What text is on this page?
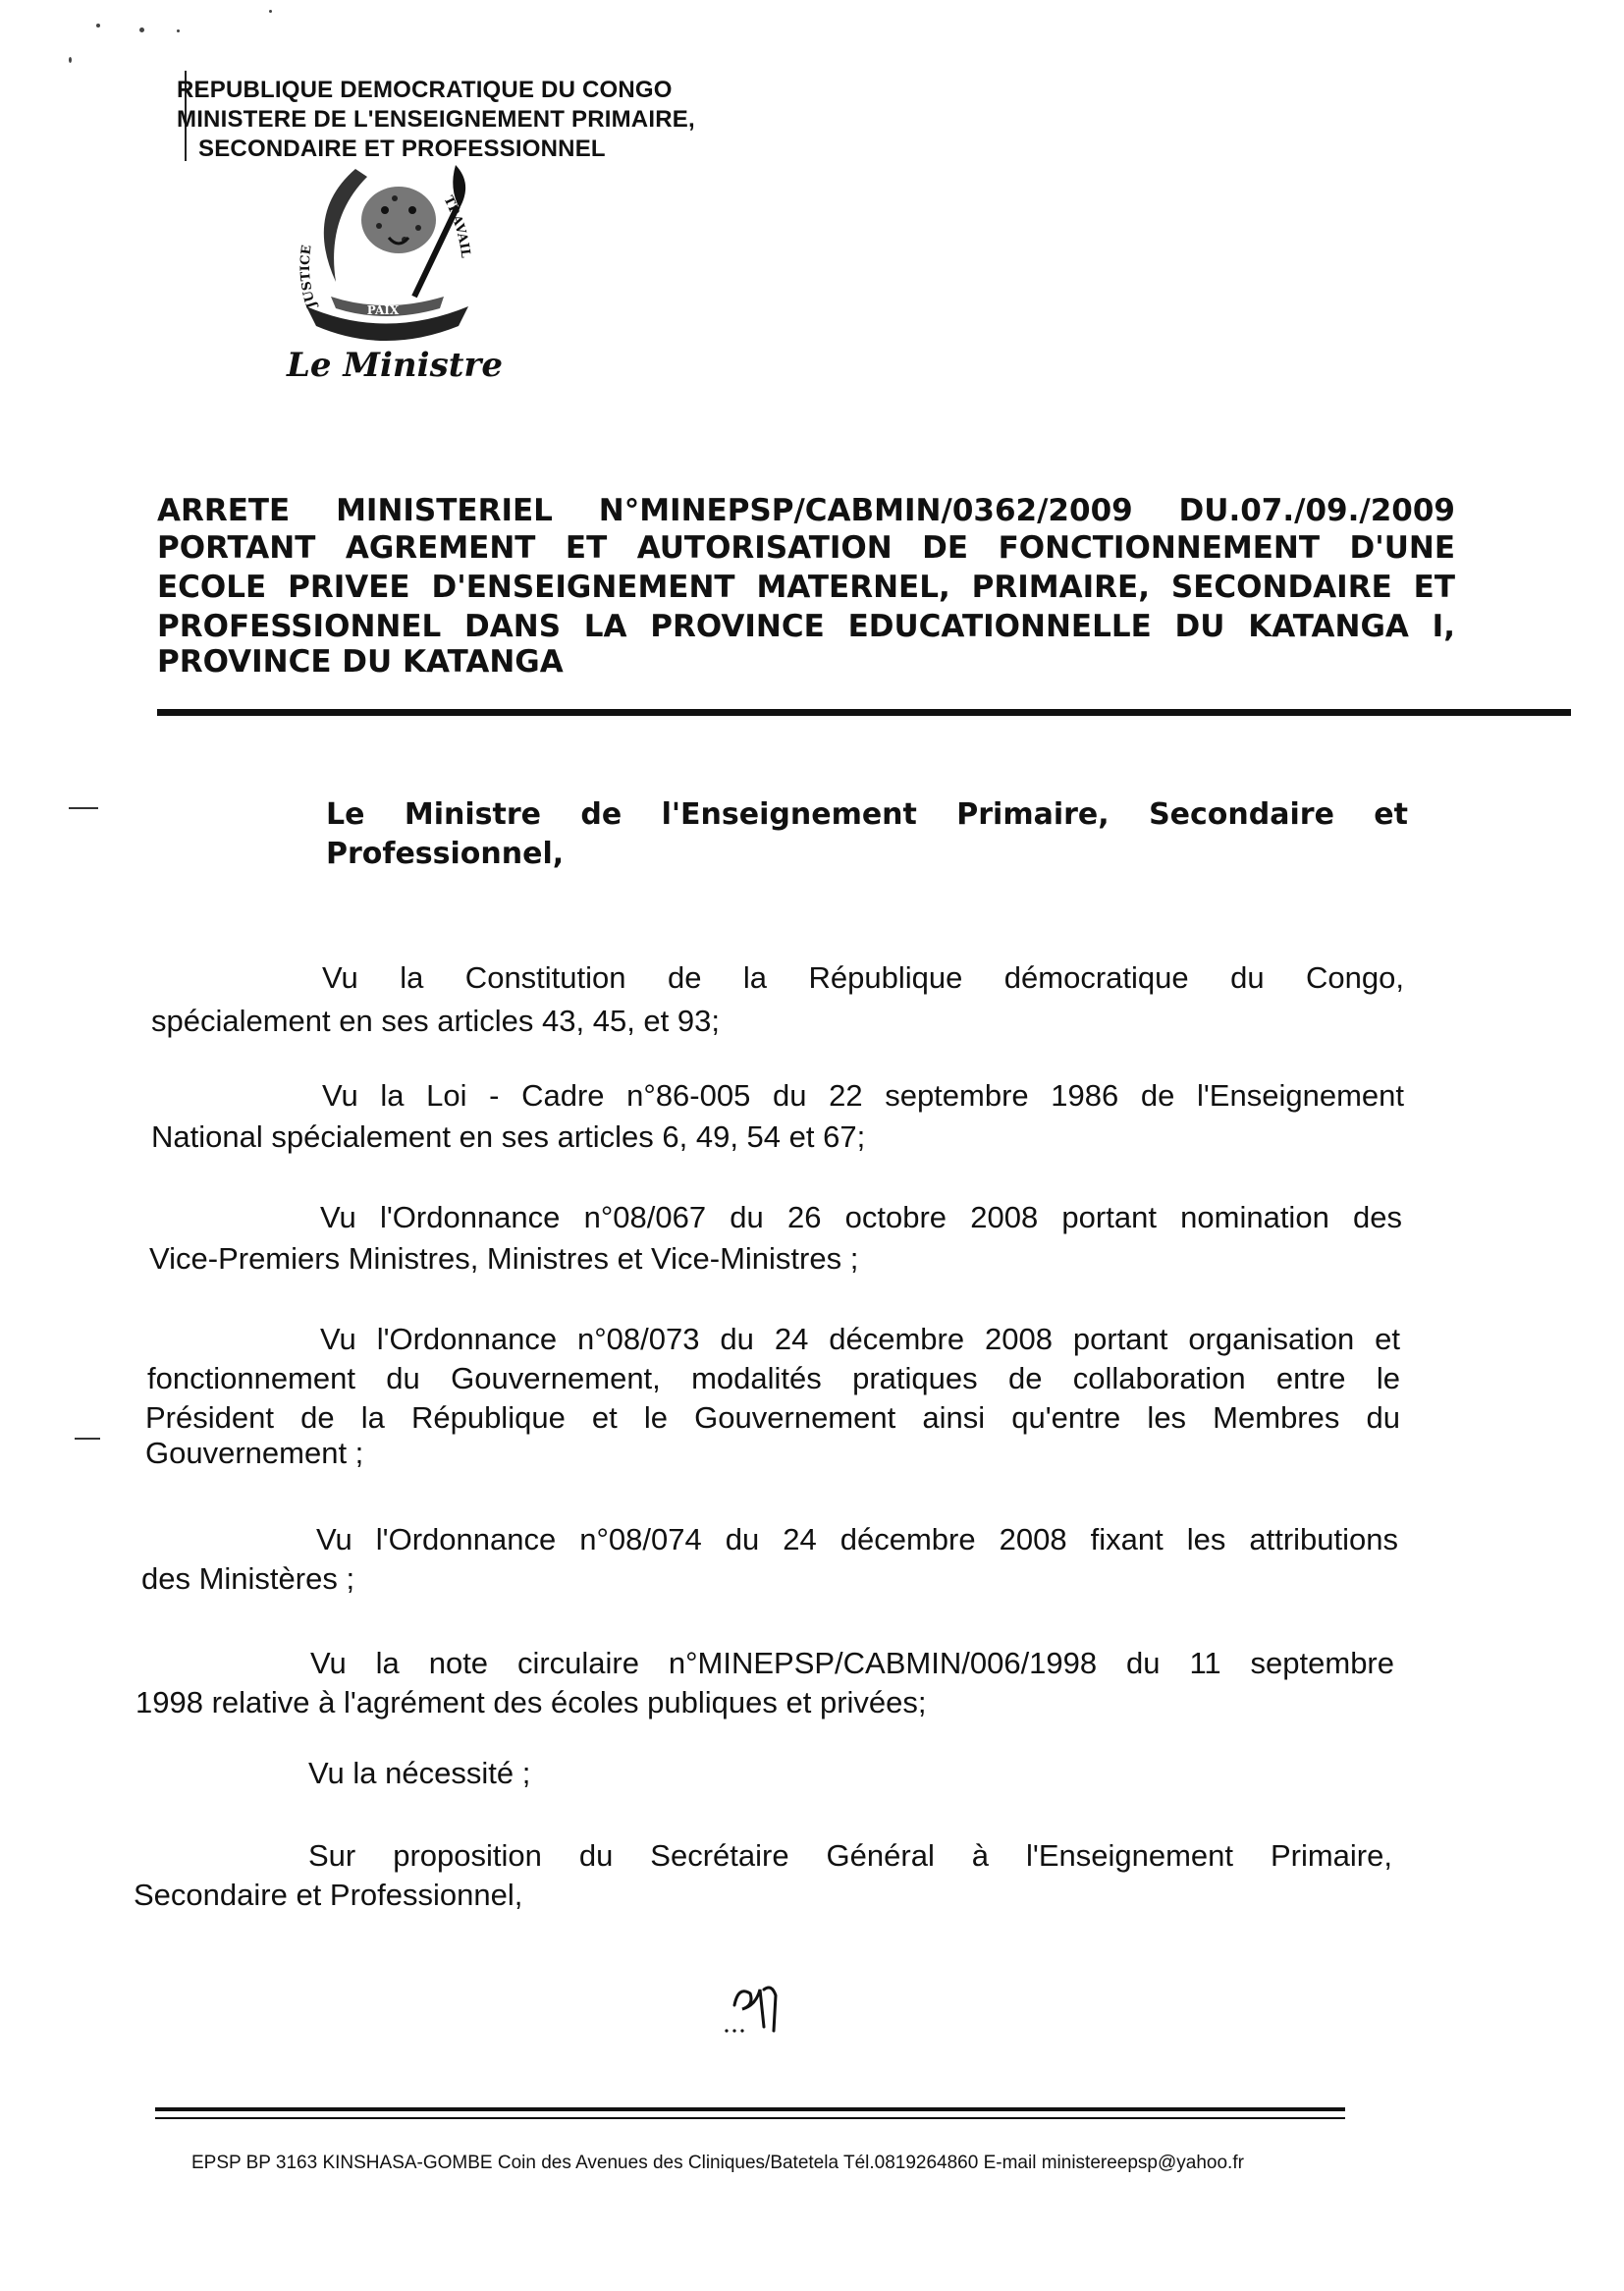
REPUBLIQUE DEMOCRATIQUE DU CONGO
MINISTERE DE L'ENSEIGNEMENT PRIMAIRE,
SECONDAIRE ET PROFESSIONNEL
JUSTICE
TRAVAIL
PAIX
Le Ministre
ARRETE MINISTERIEL N°MINEPSP/CABMIN/0362/2009 DU.07./09./2009
PORTANT AGREMENT ET AUTORISATION DE FONCTIONNEMENT D'UNE
ECOLE PRIVEE D'ENSEIGNEMENT MATERNEL, PRIMAIRE, SECONDAIRE ET
PROFESSIONNEL DANS LA PROVINCE EDUCATIONNELLE DU KATANGA I,
PROVINCE DU KATANGA
Le Ministre de l'Enseignement Primaire, Secondaire et
Professionnel,
Vu la Constitution de la République démocratique du Congo,
spécialement en ses articles 43, 45, et 93;
Vu la Loi - Cadre n°86-005 du 22 septembre 1986 de l'Enseignement
National spécialement en ses articles 6, 49, 54 et 67;
Vu l'Ordonnance n°08/067 du 26 octobre 2008 portant nomination des
Vice-Premiers Ministres, Ministres et Vice-Ministres ;
Vu l'Ordonnance n°08/073 du 24 décembre 2008 portant organisation et
fonctionnement du Gouvernement, modalités pratiques de collaboration entre le
Président de la République et le Gouvernement ainsi qu'entre les Membres du
Gouvernement ;
Vu l'Ordonnance n°08/074 du 24 décembre 2008 fixant les attributions
des Ministères ;
Vu la note circulaire n°MINEPSP/CABMIN/006/1998 du 11 septembre
1998 relative à l'agrément des écoles publiques et privées;
Vu la nécessité ;
Sur proposition du Secrétaire Général à l'Enseignement Primaire,
Secondaire et Professionnel,
EPSP BP 3163 KINSHASA-GOMBE Coin des Avenues des Cliniques/Batetela Tél.0819264860 E-mail ministereepsp@yahoo.fr
